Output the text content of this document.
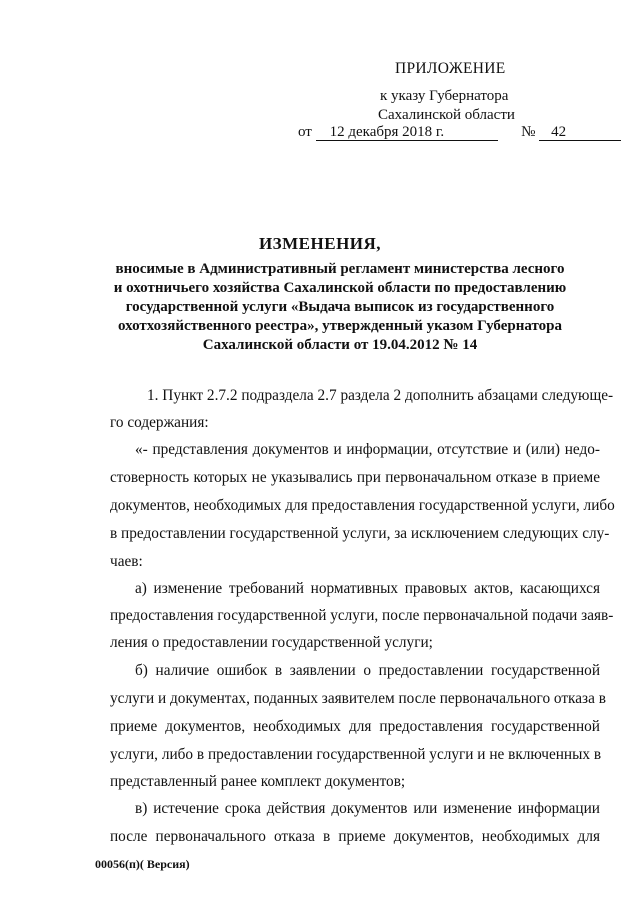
ПРИЛОЖЕНИЕ
к указу Губернатора
Сахалинской области
от 12 декабря 2018 г.	№ 42
ИЗМЕНЕНИЯ,
вносимые в Административный регламент министерства лесного
и охотничьего хозяйства Сахалинской области по предоставлению
государственной услуги «Выдача выписок из государственного
охотхозяйственного реестра», утвержденный указом Губернатора
Сахалинской области от 19.04.2012 № 14
1. Пункт 2.7.2 подраздела 2.7 раздела 2 дополнить абзацами следующе-
го содержания:
«- представления документов и информации, отсутствие и (или) недо-
стоверность которых не указывались при первоначальном отказе в приеме
документов, необходимых для предоставления государственной услуги, либо
в предоставлении государственной услуги, за исключением следующих слу-
чаев:
а) изменение требований нормативных правовых актов, касающихся
предоставления государственной услуги, после первоначальной подачи заяв-
ления о предоставлении государственной услуги;
б) наличие ошибок в заявлении о предоставлении государственной
услуги и документах, поданных заявителем после первоначального отказа в
приеме документов, необходимых для предоставления государственной
услуги, либо в предоставлении государственной услуги и не включенных в
представленный ранее комплект документов;
в) истечение срока действия документов или изменение информации
после первоначального отказа в приеме документов, необходимых для
00056(п)( Версия)
